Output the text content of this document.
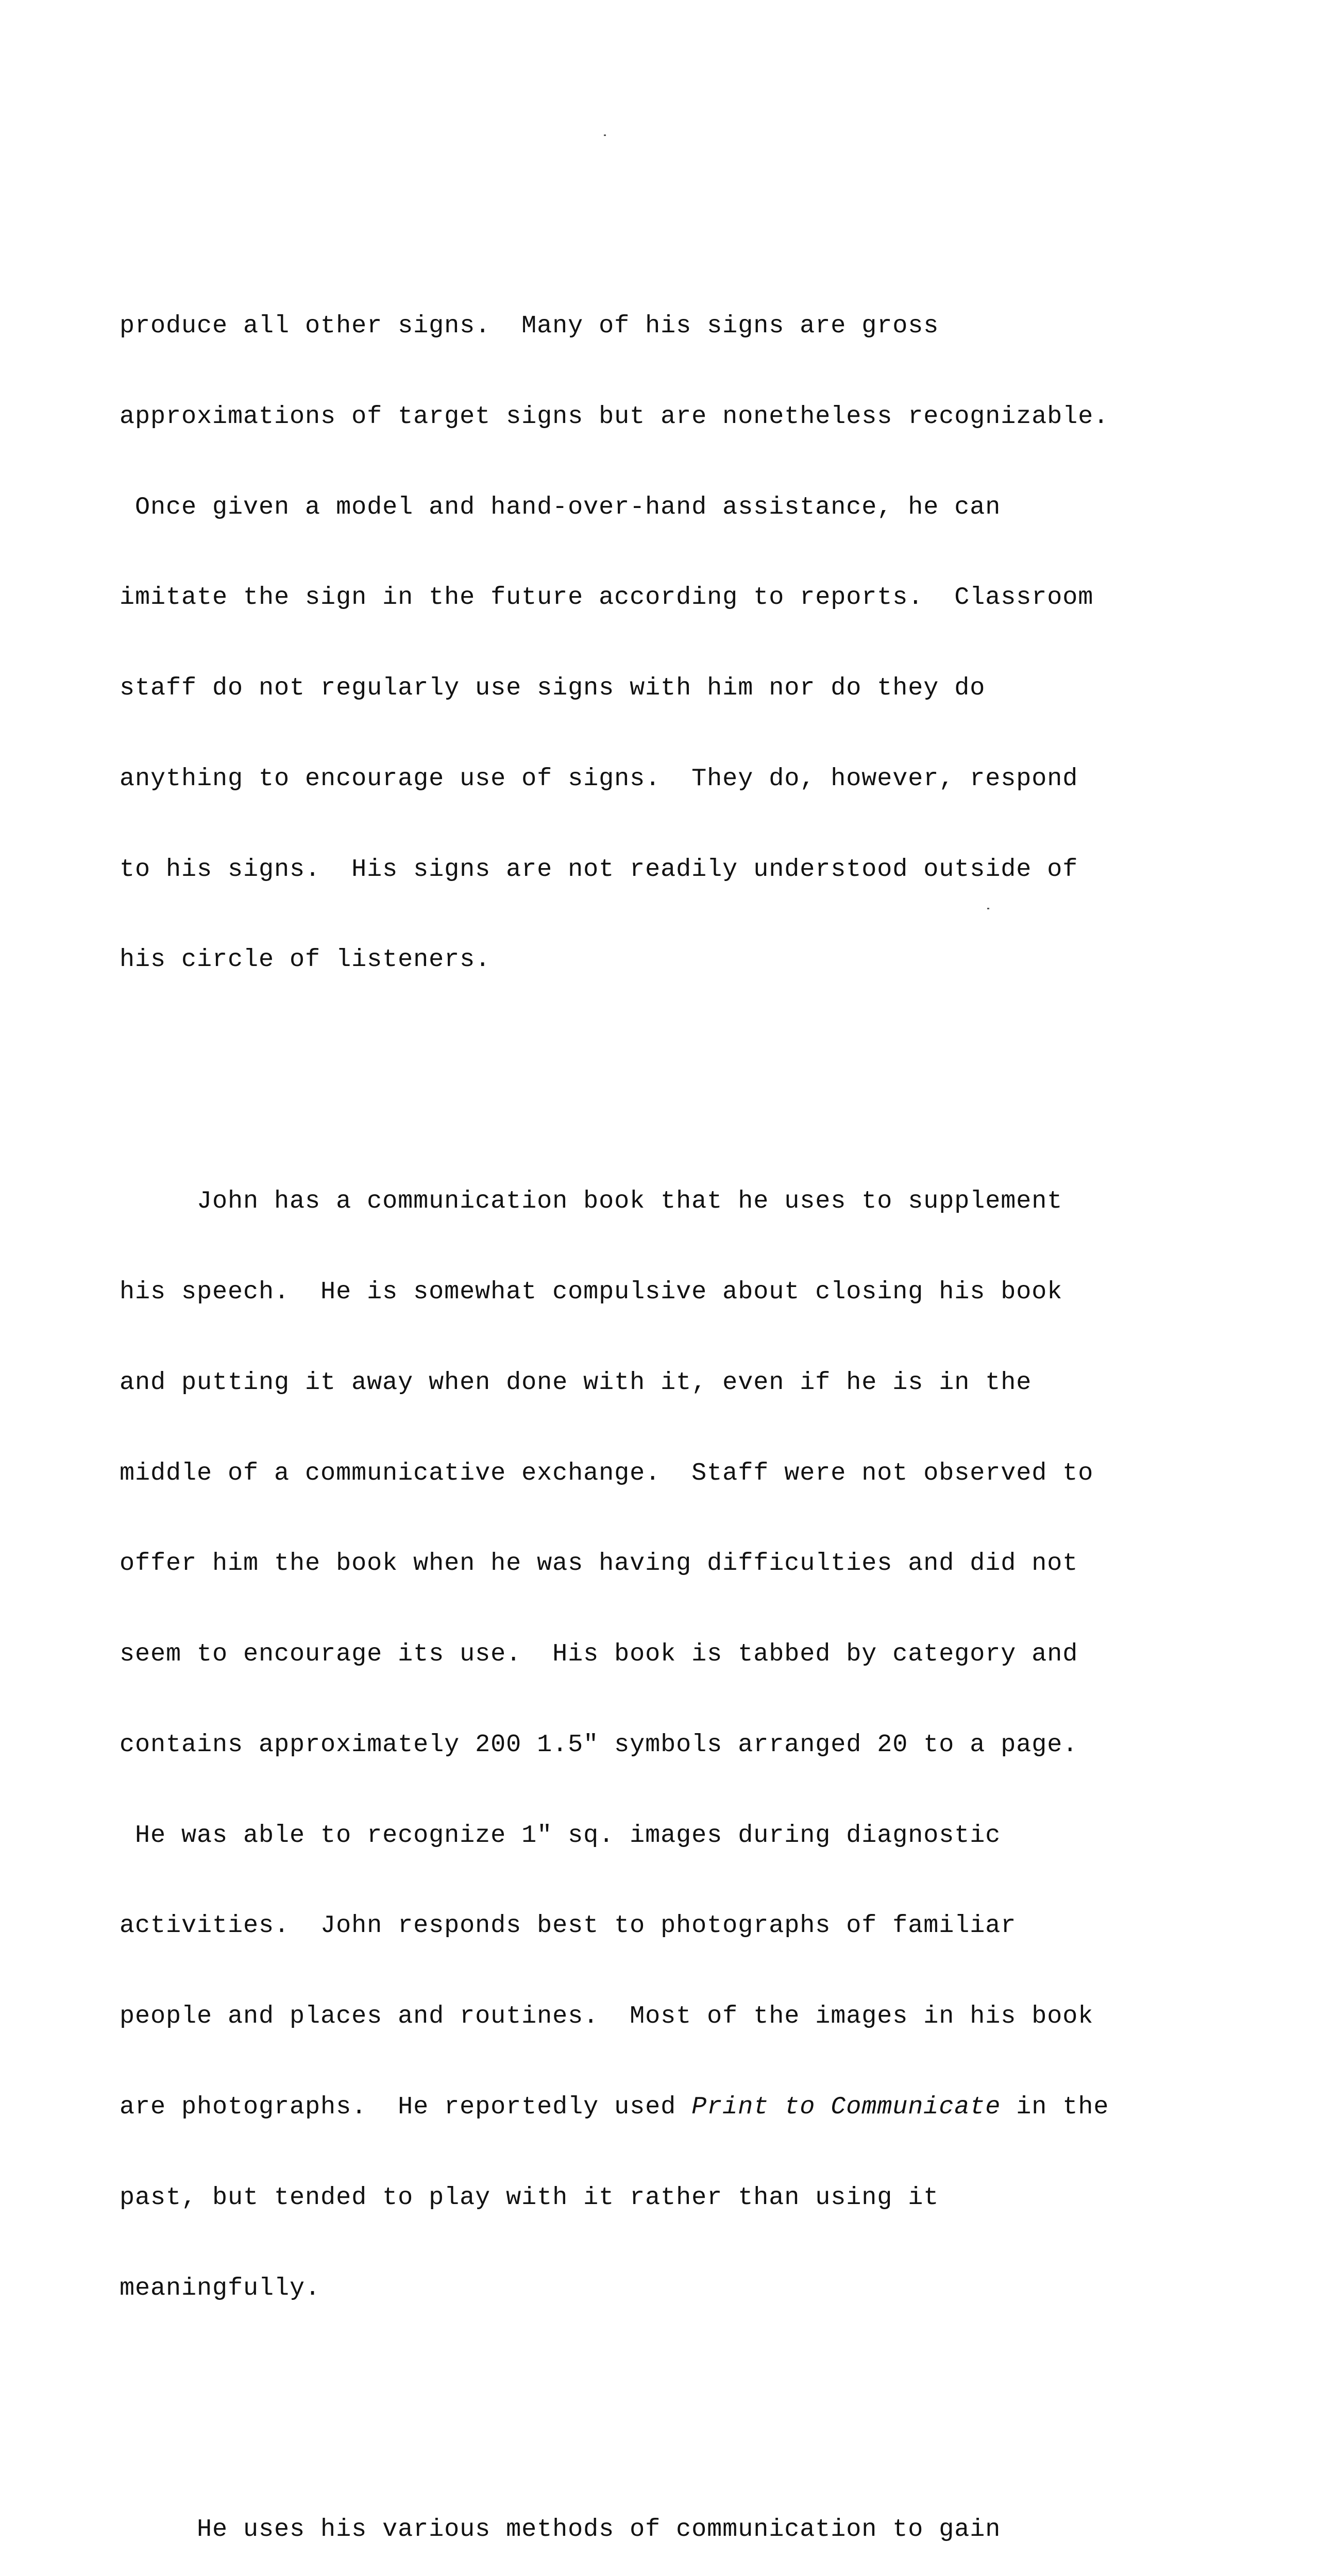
produce all other signs.  Many of his signs are gross

approximations of target signs but are nonetheless recognizable.

Once given a model and hand-over-hand assistance, he can

imitate the sign in the future according to reports.  Classroom

staff do not regularly use signs with him nor do they do

anything to encourage use of signs.  They do, however, respond

to his signs.  His signs are not readily understood outside of

his circle of listeners.

John has a communication book that he uses to supplement

his speech.  He is somewhat compulsive about closing his book

and putting it away when done with it, even if he is in the

middle of a communicative exchange.  Staff were not observed to

offer him the book when he was having difficulties and did not

seem to encourage its use.  His book is tabbed by category and

contains approximately 200 1.5″ symbols arranged 20 to a page.

He was able to recognize 1″ sq. images during diagnostic

activities.  John responds best to photographs of familiar

people and places and routines.  Most of the images in his book

are photographs.  He reportedly used Print to Communicate in the

past, but tended to play with it rather than using it

meaningfully.

He uses his various methods of communication to gain
